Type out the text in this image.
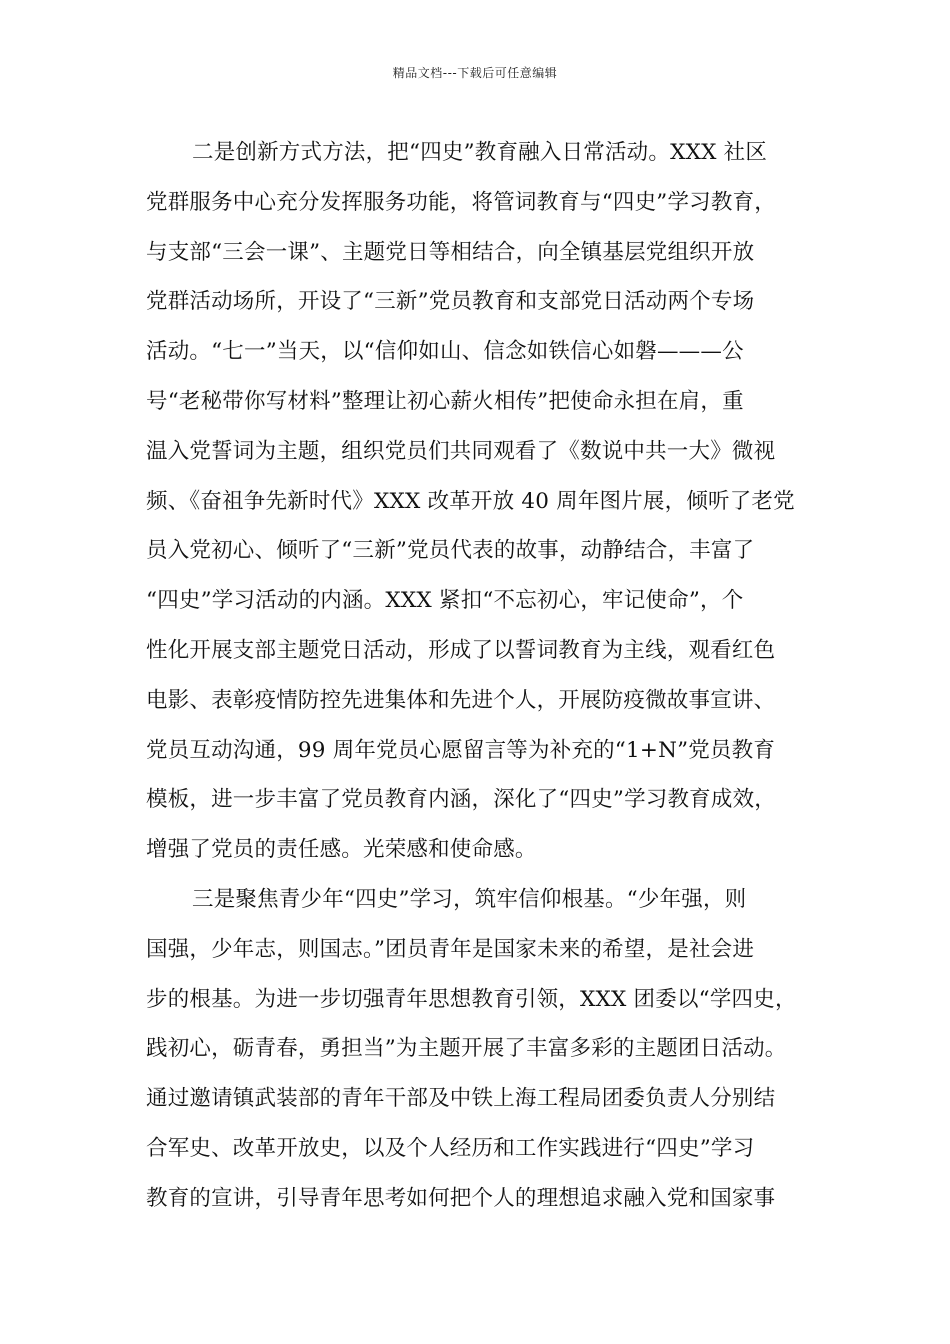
精品文档---下载后可任意编辑
二是创新方式方法，把“四史”教育融入日常活动。XXX 社区
党群服务中心充分发挥服务功能，将管词教育与“四史”学习教育，
与支部“三会一课”、主题党日等相结合，向全镇基层党组织开放
党群活动场所，开设了“三新”党员教育和支部党日活动两个专场
活动。“七一”当天，以“信仰如山、信念如铁信心如磐———公
号“老秘带你写材料”整理让初心薪火相传”把使命永担在肩，重
温入党誓词为主题，组织党员们共同观看了《数说中共一大》微视
频、《奋祖争先新时代》XXX 改革开放 40 周年图片展，倾听了老党
员入党初心、倾听了“三新”党员代表的故事，动静结合，丰富了
“四史”学习活动的内涵。XXX 紧扣“不忘初心，牢记使命”，个
性化开展支部主题党日活动，形成了以誓词教育为主线，观看红色
电影、表彰疫情防控先进集体和先进个人，开展防疫微故事宣讲、
党员互动沟通，99 周年党员心愿留言等为补充的“1+N”党员教育
模板，进一步丰富了党员教育内涵，深化了“四史”学习教育成效，
增强了党员的责任感。光荣感和使命感。
三是聚焦青少年“四史”学习，筑牢信仰根基。“少年强，则
国强，少年志，则国志。”团员青年是国家未来的希望，是社会进
步的根基。为进一步切强青年思想教育引领，XXX 团委以“学四史，
践初心，砺青春，勇担当”为主题开展了丰富多彩的主题团日活动。
通过邀请镇武装部的青年干部及中铁上海工程局团委负责人分别结
合军史、改革开放史，以及个人经历和工作实践进行“四史”学习
教育的宣讲，引导青年思考如何把个人的理想追求融入党和国家事
